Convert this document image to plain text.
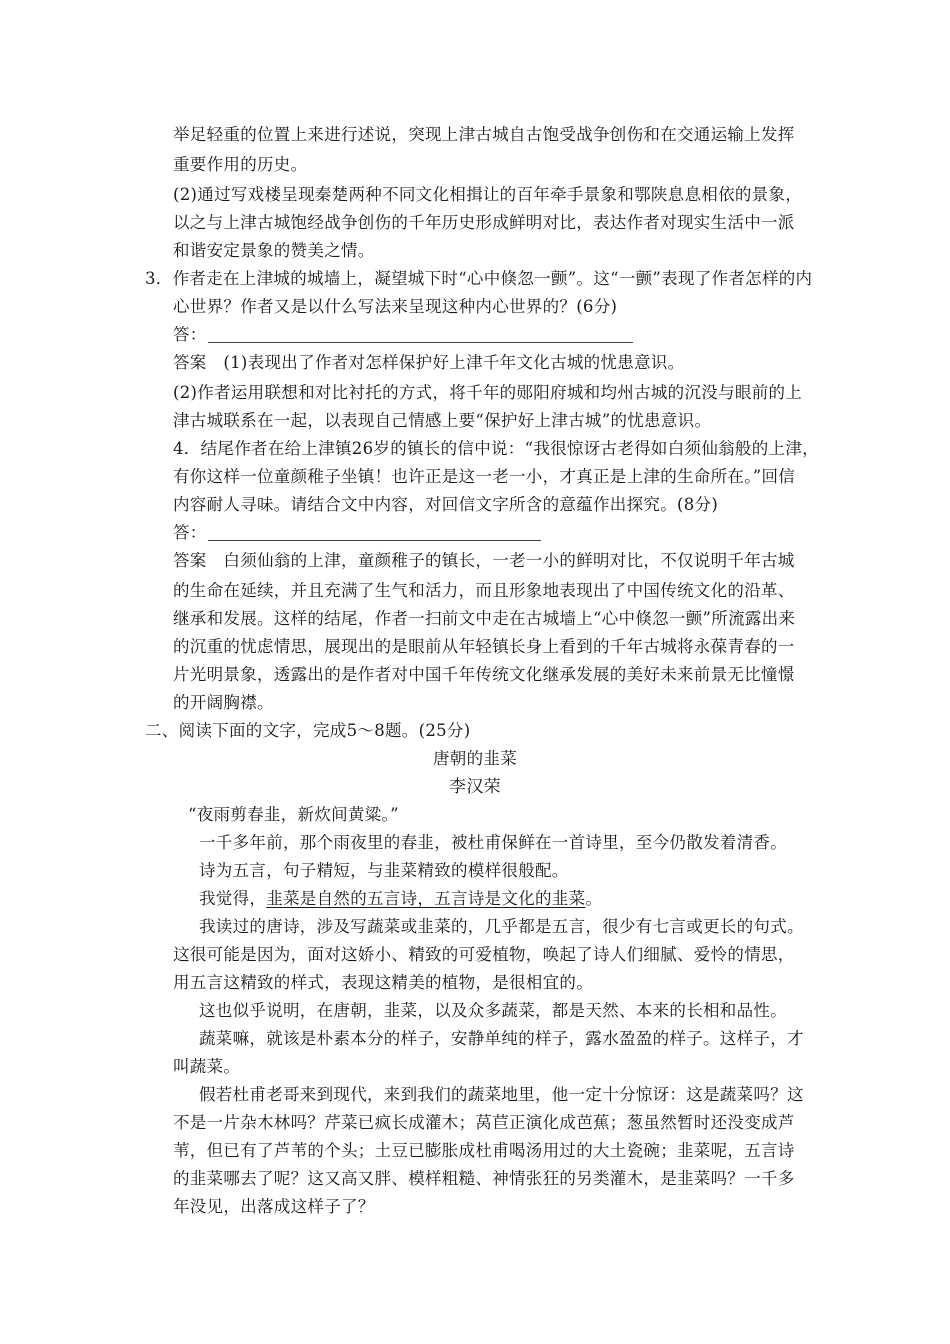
举足轻重的位置上来进行述说，突现上津古城自古饱受战争创伤和在交通运输上发挥
重要作用的历史。
(2)通过写戏楼呈现秦楚两种不同文化相揖让的百年牵手景象和鄂陕息息相依的景象，
以之与上津古城饱经战争创伤的千年历史形成鲜明对比，表达作者对现实生活中一派
和谐安定景象的赞美之情。
3．作者走在上津城的城墙上，凝望城下时“心中倏忽一颤”。这“一颤”表现了作者怎样的内
心世界？作者又是以什么写法来呈现这种内心世界的？(6分)
答：
答案　(1)表现出了作者对怎样保护好上津千年文化古城的忧患意识。
(2)作者运用联想和对比衬托的方式，将千年的郧阳府城和均州古城的沉没与眼前的上
津古城联系在一起，以表现自己情感上要“保护好上津古城”的忧患意识。
4．结尾作者在给上津镇26岁的镇长的信中说：“我很惊讶古老得如白须仙翁般的上津，
有你这样一位童颜稚子坐镇！也许正是这一老一小，才真正是上津的生命所在。”回信
内容耐人寻味。请结合文中内容，对回信文字所含的意蕴作出探究。(8分)
答：
答案　白须仙翁的上津，童颜稚子的镇长，一老一小的鲜明对比，不仅说明千年古城
的生命在延续，并且充满了生气和活力，而且形象地表现出了中国传统文化的沿革、
继承和发展。这样的结尾，作者一扫前文中走在古城墙上“心中倏忽一颤”所流露出来
的沉重的忧虑情思，展现出的是眼前从年轻镇长身上看到的千年古城将永葆青春的一
片光明景象，透露出的是作者对中国千年传统文化继承发展的美好未来前景无比憧憬
的开阔胸襟。
二、阅读下面的文字，完成5～8题。(25分)
唐朝的韭菜
李汉荣
“夜雨剪春韭，新炊间黄粱。”
一千多年前，那个雨夜里的春韭，被杜甫保鲜在一首诗里，至今仍散发着清香。
诗为五言，句子精短，与韭菜精致的模样很般配。
我觉得，韭菜是自然的五言诗，五言诗是文化的韭菜。
我读过的唐诗，涉及写蔬菜或韭菜的，几乎都是五言，很少有七言或更长的句式。
这很可能是因为，面对这娇小、精致的可爱植物，唤起了诗人们细腻、爱怜的情思，
用五言这精致的样式，表现这精美的植物，是很相宜的。
这也似乎说明，在唐朝，韭菜，以及众多蔬菜，都是天然、本来的长相和品性。
蔬菜嘛，就该是朴素本分的样子，安静单纯的样子，露水盈盈的样子。这样子，才
叫蔬菜。
假若杜甫老哥来到现代，来到我们的蔬菜地里，他一定十分惊讶：这是蔬菜吗？这
不是一片杂木林吗？芹菜已疯长成灌木；莴苣正演化成芭蕉；葱虽然暂时还没变成芦
苇，但已有了芦苇的个头；土豆已膨胀成杜甫喝汤用过的大土瓷碗；韭菜呢，五言诗
的韭菜哪去了呢？这又高又胖、模样粗糙、神情张狂的另类灌木，是韭菜吗？一千多
年没见，出落成这样子了？
